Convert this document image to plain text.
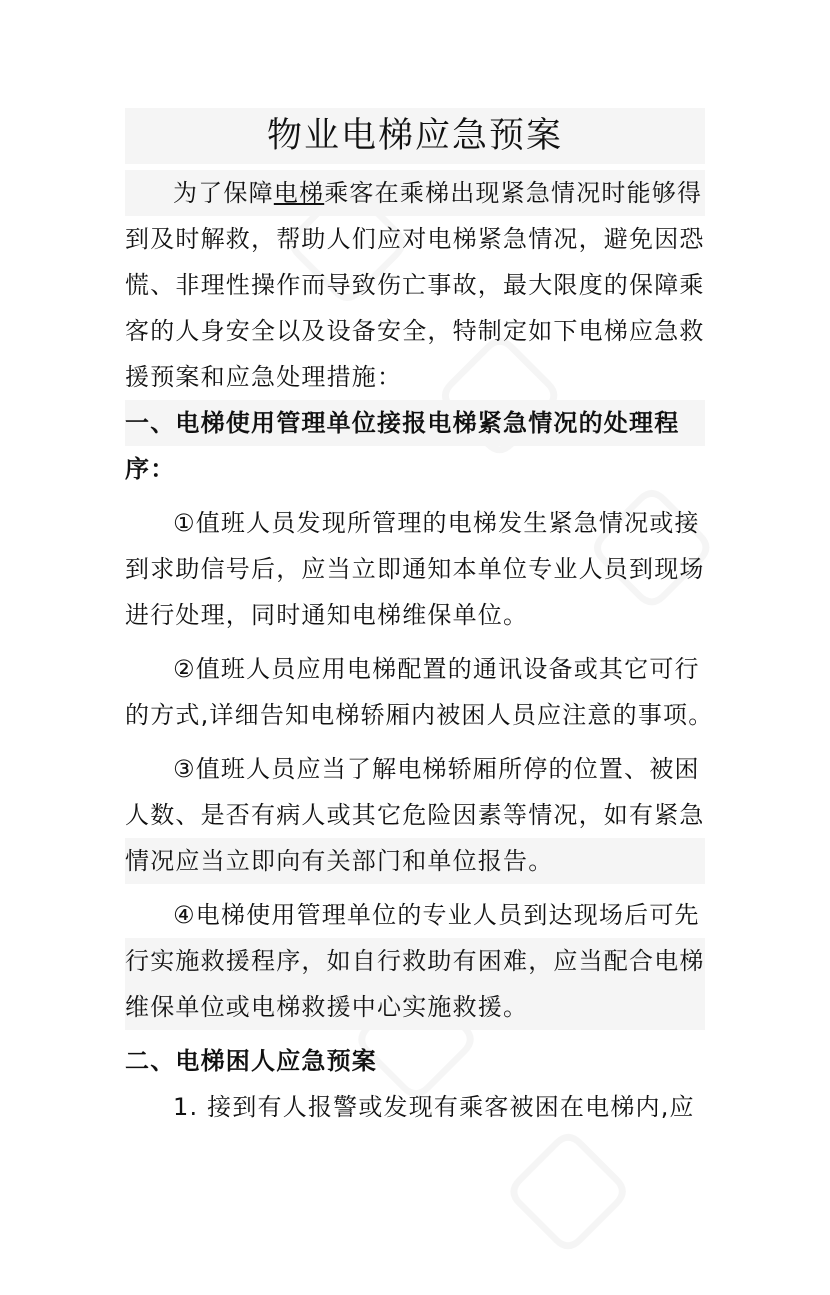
物业电梯应急预案

为了保障电梯乘客在乘梯出现紧急情况时能够得
到及时解救，帮助人们应对电梯紧急情况，避免因恐
慌、非理性操作而导致伤亡事故，最大限度的保障乘
客的人身安全以及设备安全，特制定如下电梯应急救
援预案和应急处理措施：

一、电梯使用管理单位接报电梯紧急情况的处理程
序：

①值班人员发现所管理的电梯发生紧急情况或接
到求助信号后，应当立即通知本单位专业人员到现场
进行处理，同时通知电梯维保单位。

②值班人员应用电梯配置的通讯设备或其它可行
的方式,详细告知电梯轿厢内被困人员应注意的事项。

③值班人员应当了解电梯轿厢所停的位置、被困
人数、是否有病人或其它危险因素等情况，如有紧急
情况应当立即向有关部门和单位报告。

④电梯使用管理单位的专业人员到达现场后可先
行实施救援程序，如自行救助有困难，应当配合电梯
维保单位或电梯救援中心实施救援。

二、电梯困人应急预案

1. 接到有人报警或发现有乘客被困在电梯内,应
